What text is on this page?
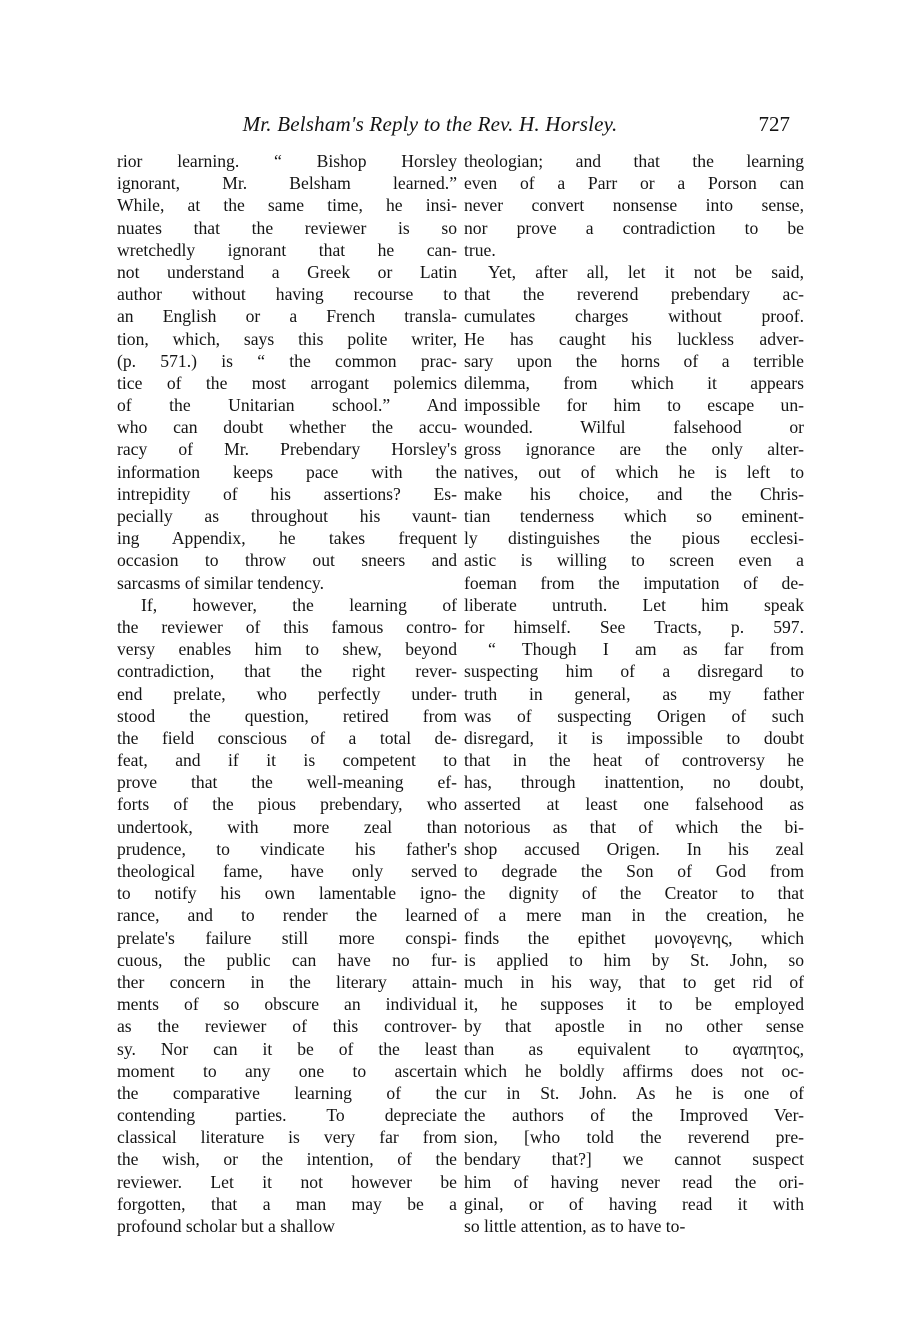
Mr. Belsham's Reply to the Rev. H. Horsley.	727
rior learning. “ Bishop Horsley
ignorant, Mr. Belsham learned.”
While, at the same time, he insi-
nuates that the reviewer is so
wretchedly ignorant that he can-
not understand a Greek or Latin
author without having recourse to
an English or a French transla-
tion, which, says this polite writer,
(p. 571.) is “ the common prac-
tice of the most arrogant polemics
of the Unitarian school.” And
who can doubt whether the accu-
racy of Mr. Prebendary Horsley's
information keeps pace with the
intrepidity of his assertions? Es-
pecially as throughout his vaunt-
ing Appendix, he takes frequent
occasion to throw out sneers and
sarcasms of similar tendency.
If, however, the learning of
the reviewer of this famous contro-
versy enables him to shew, beyond
contradiction, that the right rever-
end prelate, who perfectly under-
stood the question, retired from
the field conscious of a total de-
feat, and if it is competent to
prove that the well-meaning ef-
forts of the pious prebendary, who
undertook, with more zeal than
prudence, to vindicate his father's
theological fame, have only served
to notify his own lamentable igno-
rance, and to render the learned
prelate's failure still more conspi-
cuous, the public can have no fur-
ther concern in the literary attain-
ments of so obscure an individual
as the reviewer of this controver-
sy. Nor can it be of the least
moment to any one to ascertain
the comparative learning of the
contending parties. To depreciate
classical literature is very far from
the wish, or the intention, of the
reviewer. Let it not however be
forgotten, that a man may be a
profound scholar but a shallow
theologian; and that the learning
even of a Parr or a Porson can
never convert nonsense into sense,
nor prove a contradiction to be
true.
Yet, after all, let it not be said,
that the reverend prebendary ac-
cumulates charges without proof.
He has caught his luckless adver-
sary upon the horns of a terrible
dilemma, from which it appears
impossible for him to escape un-
wounded. Wilful falsehood or
gross ignorance are the only alter-
natives, out of which he is left to
make his choice, and the Chris-
tian tenderness which so eminent-
ly distinguishes the pious ecclesi-
astic is willing to screen even a
foeman from the imputation of de-
liberate untruth. Let him speak
for himself. See Tracts, p. 597.
“ Though I am as far from
suspecting him of a disregard to
truth in general, as my father
was of suspecting Origen of such
disregard, it is impossible to doubt
that in the heat of controversy he
has, through inattention, no doubt,
asserted at least one falsehood as
notorious as that of which the bi-
shop accused Origen. In his zeal
to degrade the Son of God from
the dignity of the Creator to that
of a mere man in the creation, he
finds the epithet μονογενης, which
is applied to him by St. John, so
much in his way, that to get rid of
it, he supposes it to be employed
by that apostle in no other sense
than as equivalent to αγαπητος,
which he boldly affirms does not oc-
cur in St. John. As he is one of
the authors of the Improved Ver-
sion, [who told the reverend pre-
bendary that?] we cannot suspect
him of having never read the ori-
ginal, or of having read it with
so little attention, as to have to-
